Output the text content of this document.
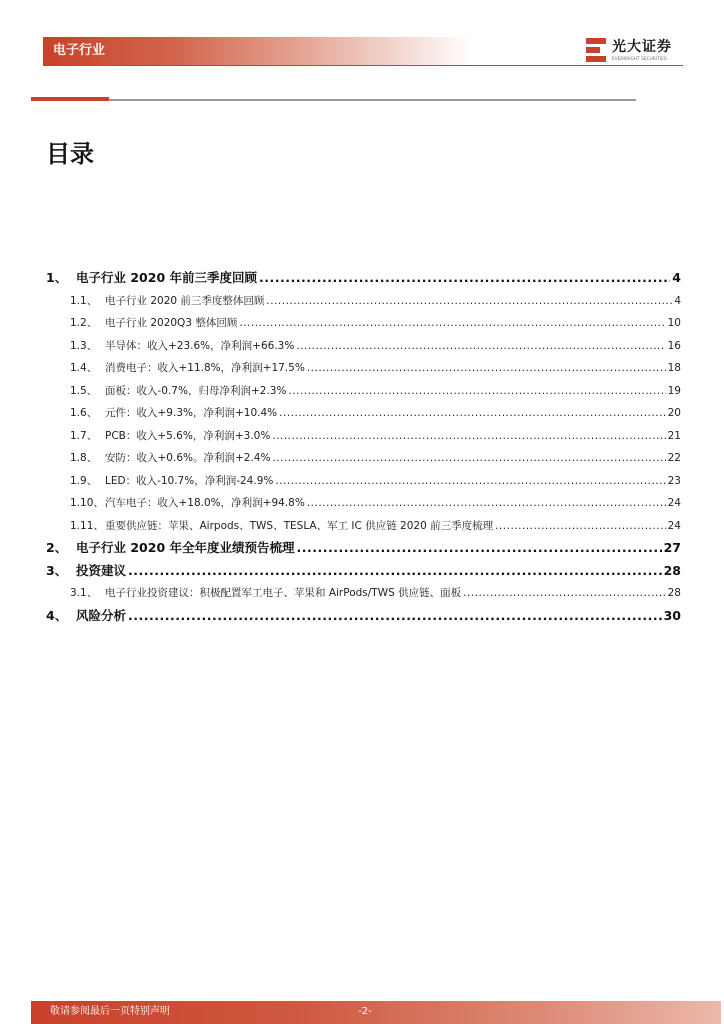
电子行业	光大证券
EVERBRIGHT SECURITIES
目录
1、 电子行业 2020 年前三季度回顾 .....	4
1.1、 电子行业 2020 前三季度整体回顾 .....	4
1.2、 电子行业 2020Q3 整体回顾 .....	10
1.3、 半导体：收入+23.6%，净利润+66.3% .....	16
1.4、 消费电子：收入+11.8%，净利润+17.5% .....	18
1.5、 面板：收入-0.7%，归母净利润+2.3% .....	19
1.6、 元件：收入+9.3%，净利润+10.4% .....	20
1.7、 PCB：收入+5.6%，净利润+3.0% .....	21
1.8、 安防：收入+0.6%。净利润+2.4% .....	22
1.9、 LED：收入-10.7%，净利润-24.9% .....	23
1.10、 汽车电子：收入+18.0%，净利润+94.8% .....	24
1.11、 重要供应链：苹果、Airpods、TWS、TESLA、军工 IC 供应链 2020 前三季度梳理 .....	24
2、 电子行业 2020 年全年度业绩预告梳理 .....	27
3、 投资建议 .....	28
3.1、 电子行业投资建议：积极配置军工电子、苹果和 AirPods/TWS 供应链、面板 .....	28
4、 风险分析 .....	30
敬请参阅最后一页特别声明	-2-
